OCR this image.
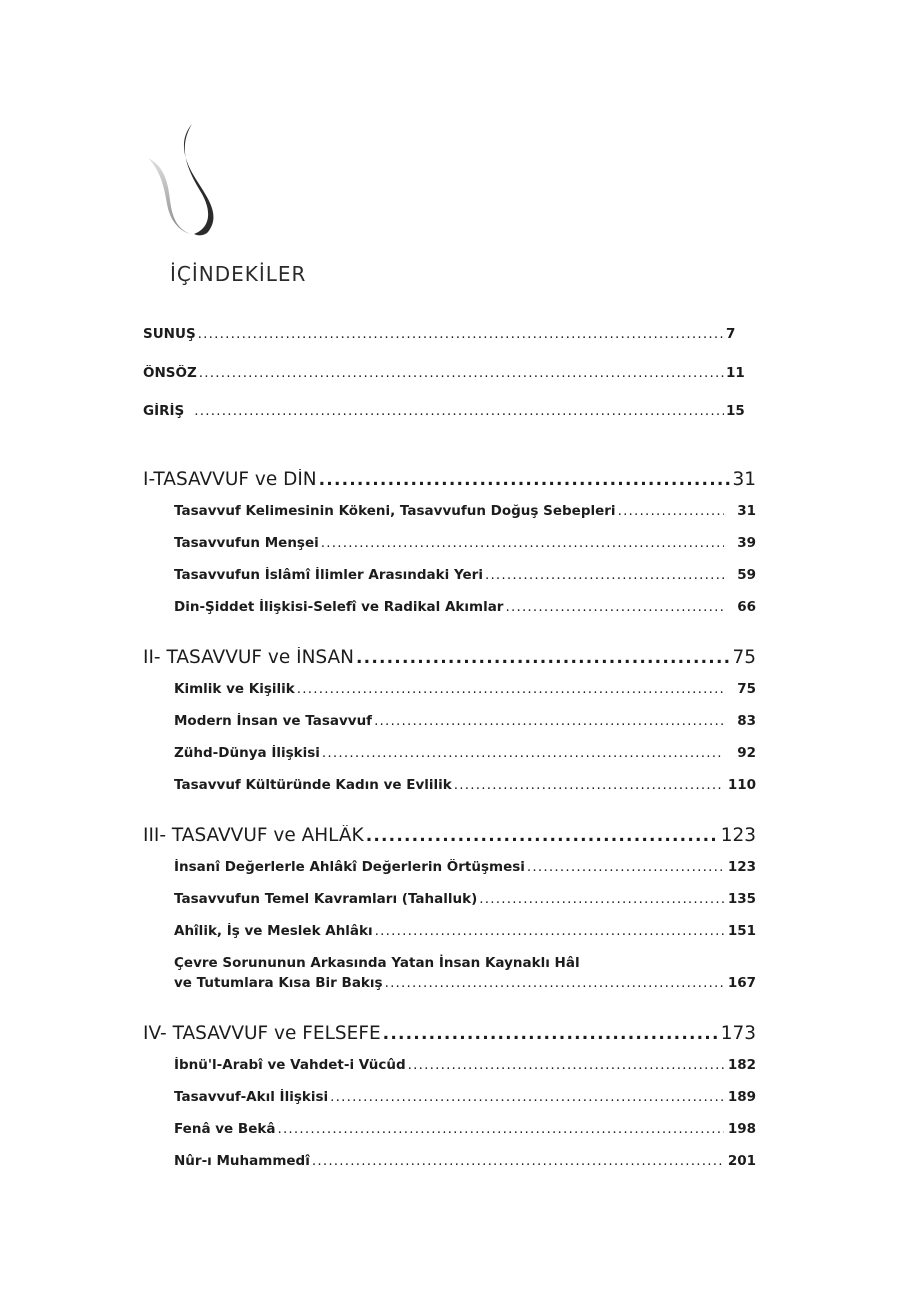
İÇİNDEKİLER
SUNUŞ .....	7
ÖNSÖZ .....	11
GİRİŞ .....	15
I-TASAVVUF ve DİN .....	31
Tasavvuf Kelimesinin Kökeni, Tasavvufun Doğuş Sebepleri .....	31
Tasavvufun Menşei .....	39
Tasavvufun İslâmî İlimler Arasındaki Yeri .....	59
Din-Şiddet İlişkisi-Selefî ve Radikal Akımlar .....	66
II- TASAVVUF ve İNSAN .....	75
Kimlik ve Kişilik .....	75
Modern İnsan ve Tasavvuf .....	83
Zühd-Dünya İlişkisi .....	92
Tasavvuf Kültüründe Kadın ve Evlilik .....	110
III- TASAVVUF ve AHLÂK .....	123
İnsanî Değerlerle Ahlâkî Değerlerin Örtüşmesi .....	123
Tasavvufun Temel Kavramları (Tahalluk) .....	135
Ahîlik, İş ve Meslek Ahlâkı .....	151
Çevre Sorununun Arkasında Yatan İnsan Kaynaklı Hâl
ve Tutumlara Kısa Bir Bakış .....	167
IV- TASAVVUF ve FELSEFE .....	173
İbnü'l-Arabî ve Vahdet-i Vücûd .....	182
Tasavvuf-Akıl İlişkisi .....	189
Fenâ ve Bekâ .....	198
Nûr-ı Muhammedî .....	201
